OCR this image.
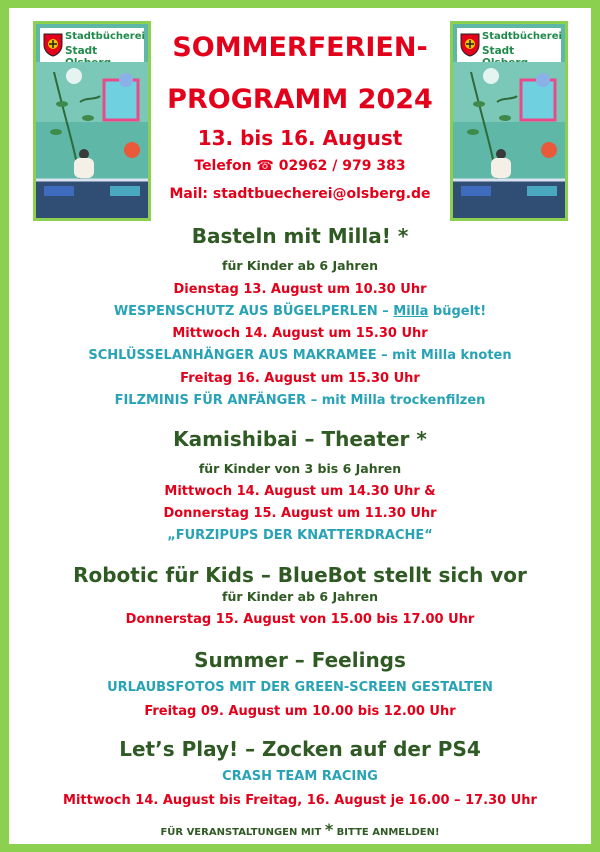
Stadtbücherei
Stadt
Stadtbücherei
Stadt
SOMMERFERIEN-
PROGRAMM 2024
13. bis 16. August
Telefon ☎ 02962 / 979 383
Mail: stadtbuecherei@olsberg.de
Basteln mit Milla! *
für Kinder ab 6 Jahren
Dienstag 13. August um 10.30 Uhr
WESPENSCHUTZ AUS BÜGELPERLEN – Milla bügelt!
Mittwoch 14. August um 15.30 Uhr
SCHLÜSSELANHÄNGER AUS MAKRAMEE – mit Milla knoten
Freitag 16. August um 15.30 Uhr
FILZMINIS FÜR ANFÄNGER – mit Milla trockenfilzen
Kamishibai – Theater *
für Kinder von 3 bis 6 Jahren
Mittwoch 14. August um 14.30 Uhr &
Donnerstag 15. August um 11.30 Uhr
„FURZIPUPS DER KNATTERDRACHE“
Robotic für Kids – BlueBot stellt sich vor
für Kinder ab 6 Jahren
Donnerstag 15. August von 15.00 bis 17.00 Uhr
Summer – Feelings
URLAUBSFOTOS MIT DER GREEN-SCREEN GESTALTEN
Freitag 09. August um 10.00 bis 12.00 Uhr
Let’s Play! – Zocken auf der PS4
CRASH TEAM RACING
Mittwoch 14. August bis Freitag, 16. August je 16.00 – 17.30 Uhr
FÜR VERANSTALTUNGEN MIT * BITTE ANMELDEN!
